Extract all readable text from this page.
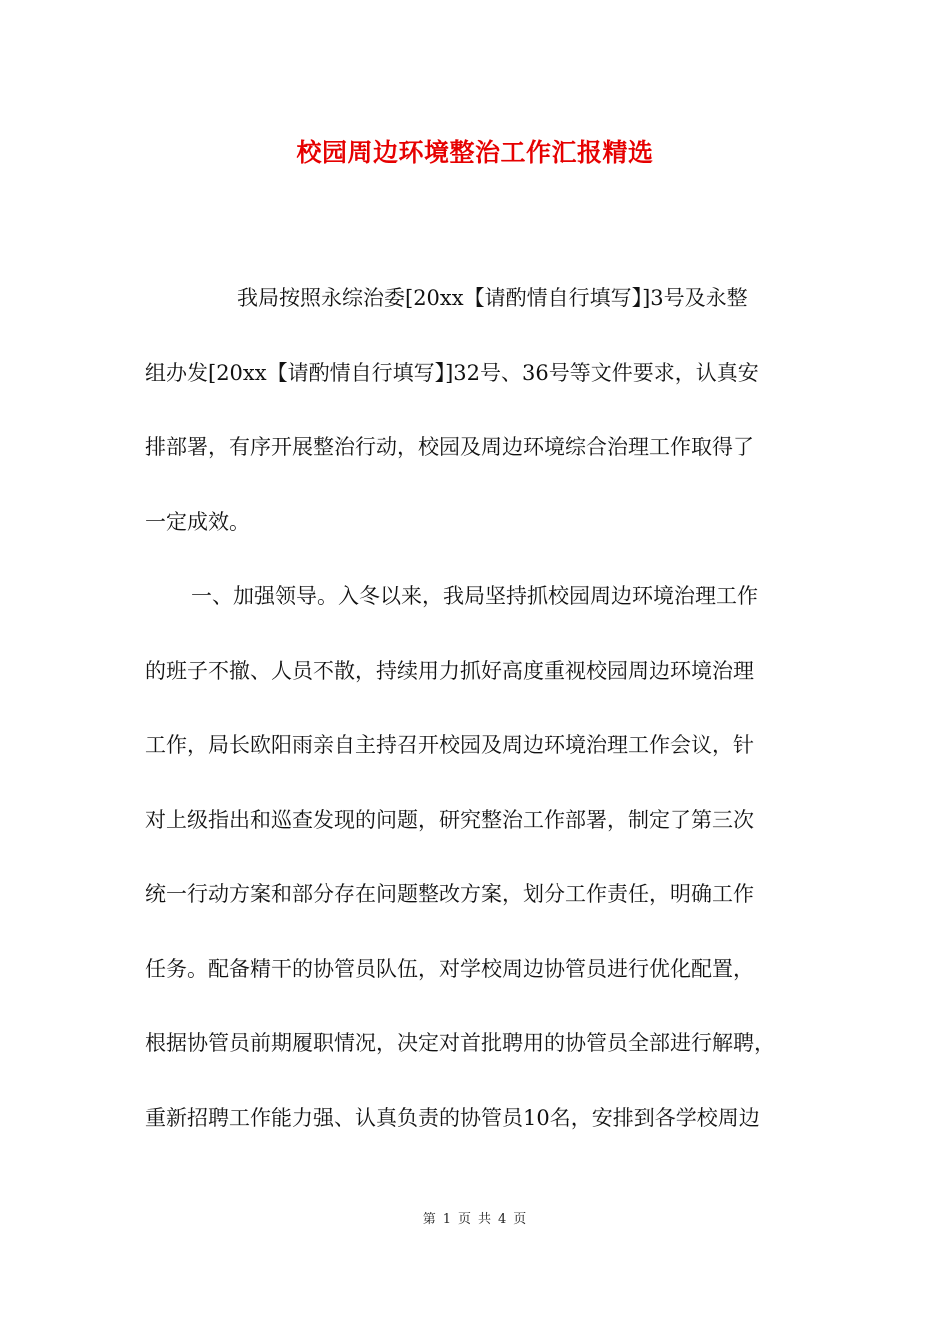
校园周边环境整治工作汇报精选
我局按照永综治委[20xx【请酌情自行填写】]3号及永整
组办发[20xx【请酌情自行填写】]32号、36号等文件要求，认真安
排部署，有序开展整治行动，校园及周边环境综合治理工作取得了
一定成效。
一、加强领导。入冬以来，我局坚持抓校园周边环境治理工作
的班子不撤、人员不散，持续用力抓好高度重视校园周边环境治理
工作，局长欧阳雨亲自主持召开校园及周边环境治理工作会议，针
对上级指出和巡查发现的问题，研究整治工作部署，制定了第三次
统一行动方案和部分存在问题整改方案，划分工作责任，明确工作
任务。配备精干的协管员队伍，对学校周边协管员进行优化配置，
根据协管员前期履职情况，决定对首批聘用的协管员全部进行解聘，
重新招聘工作能力强、认真负责的协管员10名，安排到各学校周边
第 1 页 共 4 页
